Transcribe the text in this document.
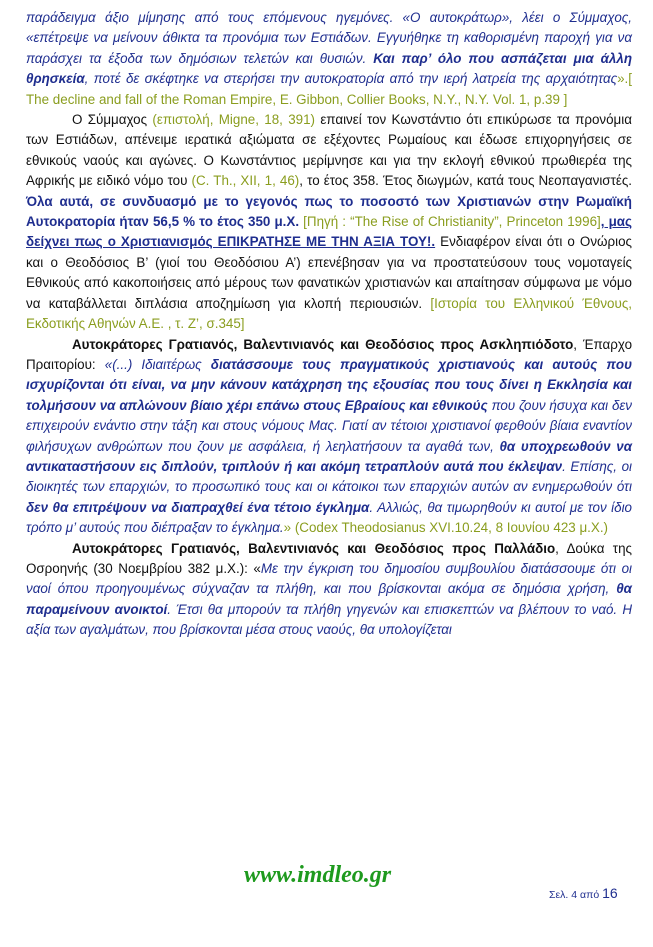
παράδειγμα άξιο μίμησης από τους επόμενους ηγεμόνες. «Ο αυτοκράτωρ», λέει ο Σύμμαχος, «επέτρεψε να μείνουν άθικτα τα προνόμια των Εστιάδων. Εγγυήθηκε τη καθορισμένη παροχή για να παράσχει τα έξοδα των δημόσιων τελετών και θυσιών. Και παρ’ όλο που ασπάζεται μια άλλη θρησκεία, ποτέ δε σκέφτηκε να στερήσει την αυτοκρατορία από την ιερή λατρεία της αρχαιότητας».[ The decline and fall of the Roman Empire, E. Gibbon, Collier Books, N.Y., N.Y. Vol. 1, p.39 ]

Ο Σύμμαχος (επιστολή, Migne, 18, 391) επαινεί τον Κωνστάντιο ότι επικύρωσε τα προνόμια των Εστιάδων, απένειμε ιερατικά αξιώματα σε εξέχοντες Ρωμαίους και έδωσε επιχορηγήσεις σε εθνικούς ναούς και αγώνες. Ο Κωνστάντιος μερίμνησε και για την εκλογή εθνικού πρωθιερέα της Αφρικής με ειδικό νόμο του (C. Th., XII, 1, 46), το έτος 358. Έτος διωγμών, κατά τους Νεοπαγανιστές. Όλα αυτά, σε συνδυασμό με το γεγονός πως το ποσοστό των Χριστιανών στην Ρωμαϊκή Αυτοκρατορία ήταν 56,5 % το έτος 350 μ.Χ. [Πηγή : “The Rise of Christianity”, Princeton 1996], μας δείχνει πως ο Χριστιανισμός ΕΠΙΚΡΑΤΗΣΕ ΜΕ ΤΗΝ ΑΞΙΑ ΤΟΥ!. Ενδιαφέρον είναι ότι ο Ονώριος και ο Θεοδόσιος Β’ (γιοί του Θεοδόσιου Α’) επενέβησαν για να προστατεύσουν τους νομοταγείς Εθνικούς από κακοποιήσεις από μέρους των φανατικών χριστιανών και απαίτησαν σύμφωνα με νόμο να καταβάλλεται διπλάσια αποζημίωση για κλοπή περιουσιών. [Ιστορία του Ελληνικού Έθνους, Εκδοτικής Αθηνών Α.Ε. , τ. Z’, σ.345]

Αυτοκράτορες Γρατιανός, Βαλεντινιανός και Θεοδόσιος προς Ασκληπιόδοτο, Έπαρχο Πραιτορίου: «(...) Ιδιαιτέρως διατάσσουμε τους πραγματικούς χριστιανούς και αυτούς που ισχυρίζονται ότι είναι, να μην κάνουν κατάχρηση της εξουσίας που τους δίνει η Εκκλησία και τολμήσουν να απλώνουν βίαιο χέρι επάνω στους Εβραίους και εθνικούς που ζουν ήσυχα και δεν επιχειρούν ενάντιο στην τάξη και στους νόμους Μας. Γιατί αν τέτοιοι χριστιανοί φερθούν βίαια εναντίον φιλήσυχων ανθρώπων που ζουν με ασφάλεια, ή λεηλατήσουν τα αγαθά των, θα υποχρεωθούν να αντικαταστήσουν εις διπλούν, τριπλούν ή και ακόμη τετραπλούν αυτά που έκλεψαν. Επίσης, οι διοικητές των επαρχιών, το προσωπικό τους και οι κάτοικοι των επαρχιών αυτών αν ενημερωθούν ότι δεν θα επιτρέψουν να διαπραχθεί ένα τέτοιο έγκλημα. Αλλιώς, θα τιμωρηθούν κι αυτοί με τον ίδιο τρόπο μ’ αυτούς που διέπραξαν το έγκλημα.» (Codex Theodosianus XVI.10.24, 8 Ιουνίου 423 μ.Χ.)

Αυτοκράτορες Γρατιανός, Βαλεντινιανός και Θεοδόσιος προς Παλλάδιο, Δούκα της Οσροηνής (30 Νοεμβρίου 382 μ.Χ.): «Με την έγκριση του δημοσίου συμβουλίου διατάσσουμε ότι οι ναοί όπου προηγουμένως σύχναζαν τα πλήθη, και που βρίσκονται ακόμα σε δημόσια χρήση, θα παραμείνουν ανοικτοί. Έτσι θα μπορούν τα πλήθη γηγενών και επισκεπτών να βλέπουν το ναό. Η αξία των αγαλμάτων, που βρίσκονται μέσα στους ναούς, θα υπολογίζεται

www.imdleo.gr
Σελ. 4 από 16
